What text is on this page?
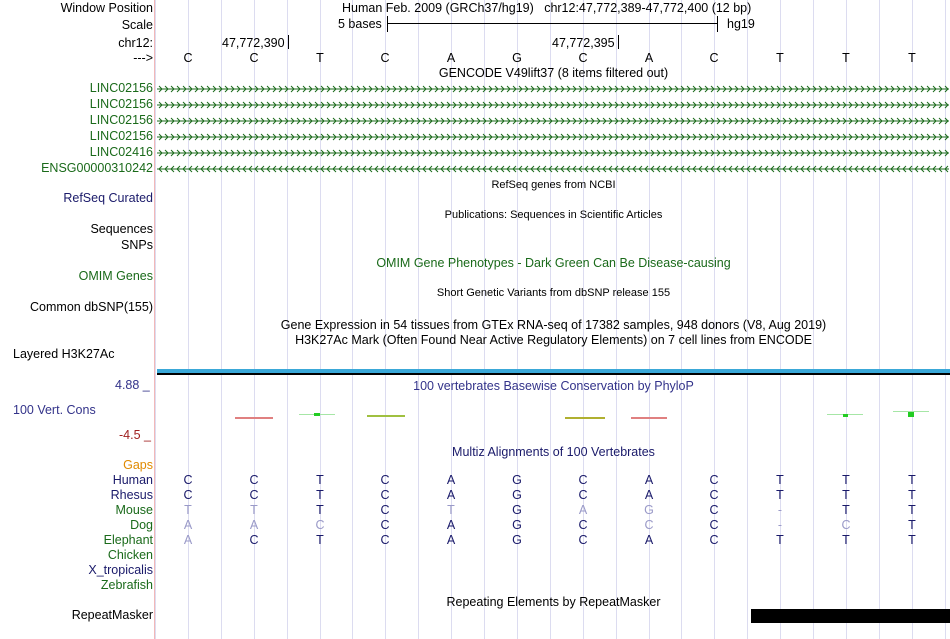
Window Position	Human Feb. 2009 (GRCh37/hg19)   chr12:47,772,389-47,772,400 (12 bp)
Scale	5 bases	hg19
chr12:	47,772,390	47,772,395
--->	C	C	T	C	A	G	C	A	C	T	T	T
GENCODE V49lift37 (8 items filtered out)
LINC02156
LINC02156
LINC02156
LINC02156
LINC02416
ENSG00000310242
RefSeq genes from NCBI
RefSeq Curated
Publications: Sequences in Scientific Articles
Sequences
SNPs
OMIM Gene Phenotypes - Dark Green Can Be Disease-causing
OMIM Genes
Short Genetic Variants from dbSNP release 155
Common dbSNP(155)
Gene Expression in 54 tissues from GTEx RNA-seq of 17382 samples, 948 donors (V8, Aug 2019)
H3K27Ac Mark (Often Found Near Active Regulatory Elements) on 7 cell lines from ENCODE
Layered H3K27Ac
4.88 _	100 vertebrates Basewise Conservation by PhyloP
100 Vert. Cons
-4.5 _
Multiz Alignments of 100 Vertebrates
Gaps
Human	C	C	T	C	A	G	C	A	C	T	T	T
Rhesus	C	C	T	C	A	G	C	A	C	T	T	T
Mouse	T	T	T	C	T	G	A	G	C	-	T	T
Dog	A	A	C	C	A	G	C	C	C	-	C	T
Elephant	A	C	T	C	A	G	C	A	C	T	T	T
Chicken
X_tropicalis
Zebrafish
Repeating Elements by RepeatMasker
RepeatMasker
